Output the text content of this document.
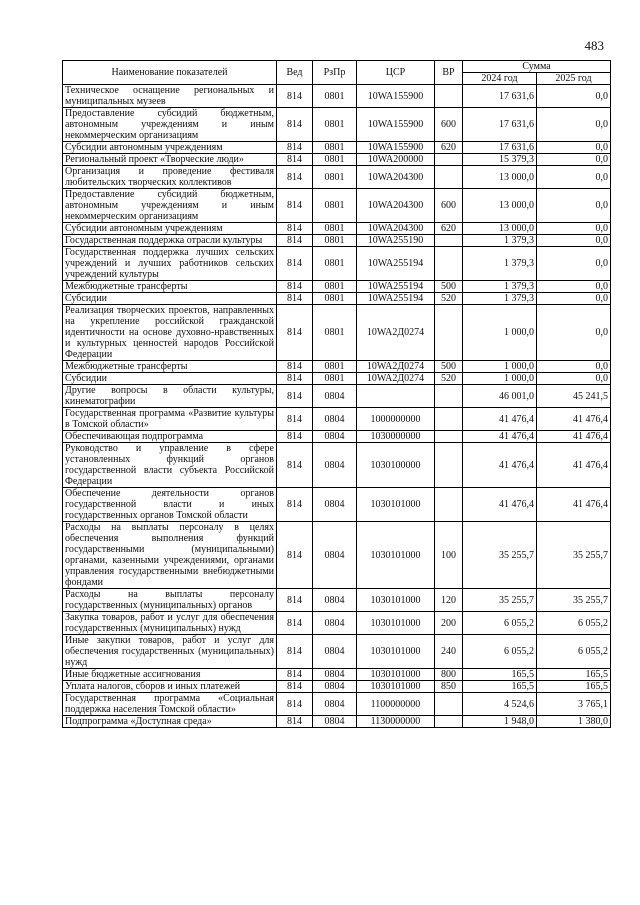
483
Наименование показателей	Вед	РзПр	ЦСР	ВР	Сумма	
					2024 год	2025 год
Техническое оснащение региональных и муниципальных музеев	814	0801	10WA155900		17 631,6	0,0
Предоставление субсидий бюджетным, автономным учреждениям и иным некоммерческим организациям	814	0801	10WA155900	600	17 631,6	0,0
Субсидии автономным учреждениям	814	0801	10WA155900	620	17 631,6	0,0
Региональный проект «Творческие люди»	814	0801	10WA200000		15 379,3	0,0
Организация и проведение фестиваля любительских творческих коллективов	814	0801	10WA204300		13 000,0	0,0
Предоставление субсидий бюджетным, автономным учреждениям и иным некоммерческим организациям	814	0801	10WA204300	600	13 000,0	0,0
Субсидии автономным учреждениям	814	0801	10WA204300	620	13 000,0	0,0
Государственная поддержка отрасли культуры	814	0801	10WA255190		1 379,3	0,0
Государственная поддержка лучших сельских учреждений и лучших работников сельских учреждений культуры	814	0801	10WA255194		1 379,3	0,0
Межбюджетные трансферты	814	0801	10WA255194	500	1 379,3	0,0
Субсидии	814	0801	10WA255194	520	1 379,3	0,0
Реализация творческих проектов, направленных на укрепление российской гражданской идентичности на основе духовно-нравственных и культурных ценностей народов Российской Федерации	814	0801	10WA2Д0274		1 000,0	0,0
Межбюджетные трансферты	814	0801	10WA2Д0274	500	1 000,0	0,0
Субсидии	814	0801	10WA2Д0274	520	1 000,0	0,0
Другие вопросы в области культуры, кинематографии	814	0804			46 001,0	45 241,5
Государственная программа «Развитие культуры в Томской области»	814	0804	1000000000		41 476,4	41 476,4
Обеспечивающая подпрограмма	814	0804	1030000000		41 476,4	41 476,4
Руководство и управление в сфере установленных функций органов государственной власти субъекта Российской Федерации	814	0804	1030100000		41 476,4	41 476,4
Обеспечение деятельности органов государственной власти и иных государственных органов Томской области	814	0804	1030101000		41 476,4	41 476,4
Расходы на выплаты персоналу в целях обеспечения выполнения функций государственными (муниципальными) органами, казенными учреждениями, органами управления государственными внебюджетными фондами	814	0804	1030101000	100	35 255,7	35 255,7
Расходы на выплаты персоналу государственных (муниципальных) органов	814	0804	1030101000	120	35 255,7	35 255,7
Закупка товаров, работ и услуг для обеспечения государственных (муниципальных) нужд	814	0804	1030101000	200	6 055,2	6 055,2
Иные закупки товаров, работ и услуг для обеспечения государственных (муниципальных) нужд	814	0804	1030101000	240	6 055,2	6 055,2
Иные бюджетные ассигнования	814	0804	1030101000	800	165,5	165,5
Уплата налогов, сборов и иных платежей	814	0804	1030101000	850	165,5	165,5
Государственная программа «Социальная поддержка населения Томской области»	814	0804	1100000000		4 524,6	3 765,1
Подпрограмма «Доступная среда»	814	0804	1130000000		1 948,0	1 380,0
